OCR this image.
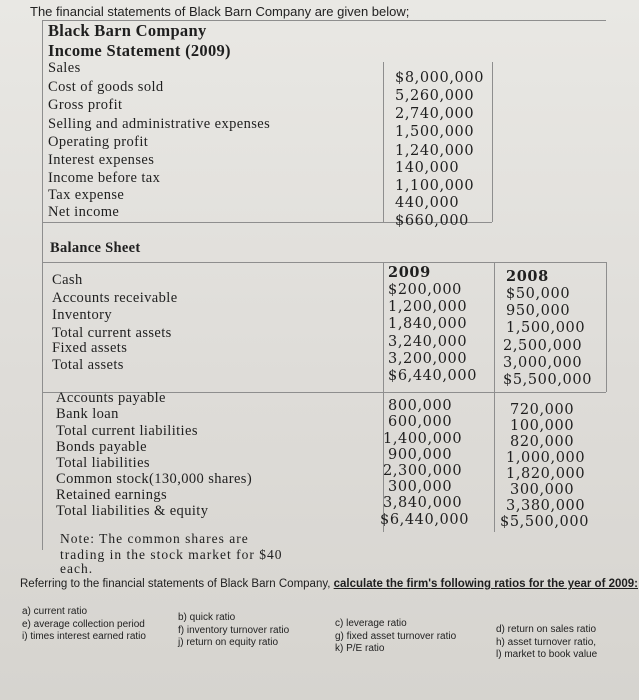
The financial statements of Black Barn Company are given below;
Black Barn Company
Income Statement (2009)
Sales
Cost of goods sold
Gross profit
Selling and administrative expenses
Operating profit
Interest expenses
Income before tax
Tax expense
Net income
$8,000,000
5,260,000
2,740,000
1,500,000
1,240,000
140,000
1,100,000
440,000
$660,000
Balance Sheet
2009	2008
Cash
Accounts receivable
Inventory
Total current assets
Fixed assets
Total assets
$200,000
1,200,000
1,840,000
3,240,000
3,200,000
$6,440,000
$50,000
950,000
1,500,000
2,500,000
3,000,000
$5,500,000
Accounts payable
Bank loan
Total current liabilities
Bonds payable
Total liabilities
Common stock(130,000 shares)
Retained earnings
Total liabilities & equity
800,000
600,000
1,400,000
900,000
2,300,000
300,000
3,840,000
$6,440,000
720,000
100,000
820,000
1,000,000
1,820,000
300,000
3,380,000
$5,500,000
Note: The common shares are
trading in the stock market for $40
each.
Referring to the financial statements of Black Barn Company, calculate the firm's following ratios for the year of 2009:
a) current ratio
e) average collection period
i) times interest earned ratio
b) quick ratio
f) inventory turnover ratio
j) return on equity ratio
c) leverage ratio
g) fixed asset turnover ratio
k) P/E ratio
d) return on sales ratio
h) asset turnover ratio,
l) market to book value
